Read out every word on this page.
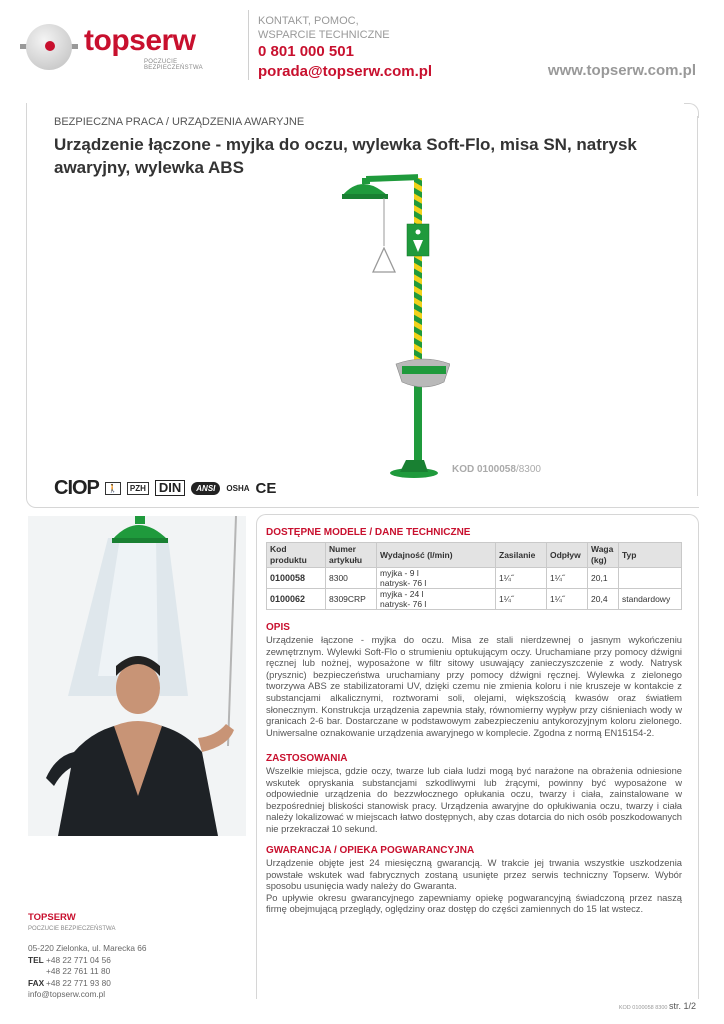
topserw
POCZUCIE BEZPIECZEŃSTWA
KONTAKT, POMOC,
WSPARCIE TECHNICZNE
0 801 000 501
porada@topserw.com.pl	www.topserw.com.pl
BEZPIECZNA PRACA / URZĄDZENIA AWARYJNE
Urządzenie łączone - myjka do oczu, wylewka Soft-Flo, misa SN, natrysk awaryjny, wylewka ABS
KOD 0100058/8300
CIOP	🚶	PZH	DIN	ANSI	OSHA CE
DOSTĘPNE MODELE / DANE TECHNICZNE
Kod produktu	Numer artykułu	Wydajność (l/min)	Zasilanie	Odpływ	Waga (kg)	Typ
0100058	8300	myjka - 9 l
natrysk- 76 l	1¼˝	1¼˝	20,1	
0100062	8309CRP	myjka - 24 l
natrysk- 76 l	1¼˝	1¼˝	20,4	standardowy
OPIS
Urządzenie łączone - myjka do oczu. Misa ze stali nierdzewnej o jasnym wykończeniu zewnętrznym. Wylewki Soft-Flo o strumieniu optukującym oczy. Uruchamiane przy pomocy dźwigni ręcznej lub nożnej, wyposażone w filtr sitowy usuwający zanieczyszczenie z wody. Natrysk (prysznic) bezpieczeństwa uruchamiany przy pomocy dźwigni ręcznej. Wylewka z zielonego tworzywa ABS ze stabilizatorami UV, dzięki czemu nie zmienia koloru i nie kruszeje w kontakcie z substancjami alkalicznymi, roztworami soli, olejami, większością kwasów oraz światłem słonecznym. Konstrukcja urządzenia zapewnia stały, równomierny wypływ przy ciśnieniach wody w granicach 2-6 bar. Dostarczane w podstawowym zabezpieczeniu antykorozyjnym koloru zielonego. Uniwersalne oznakowanie urządzenia awaryjnego w komplecie. Zgodna z normą EN15154-2.
ZASTOSOWANIA
Wszelkie miejsca, gdzie oczy, twarze lub ciała ludzi mogą być narażone na obrażenia odniesione wskutek opryskania substancjami szkodliwymi lub żrącymi, powinny być wyposażone w odpowiednie urządzenia do bezzwłocznego opłukania oczu, twarzy i ciała, zainstalowane w bezpośredniej bliskości stanowisk pracy. Urządzenia awaryjne do opłukiwania oczu, twarzy i ciała należy lokalizować w miejscach łatwo dostępnych, aby czas dotarcia do nich osób poszkodowanych nie przekraczał 10 sekund.
GWARANCJA / OPIEKA POGWARANCYJNA
Urządzenie objęte jest 24 miesięczną gwarancją. W trakcie jej trwania wszystkie uszkodzenia powstałe wskutek wad fabrycznych zostaną usunięte przez serwis techniczny Topserw. Wybór sposobu usunięcia wady należy do Gwaranta.
Po upływie okresu gwarancyjnego zapewniamy opiekę pogwarancyjną świadczoną przez naszą firmę obejmującą przeglądy, oględziny oraz dostęp do części zamiennych do 15 lat wstecz.
TOPSERW
POCZUCIE BEZPIECZEŃSTWA
05-220 Zielonka, ul. Marecka 66
TEL +48 22 771 04 56
+48 22 761 11 80
FAX +48 22 771 93 80
info@topserw.com.pl
KOD 0100058 8300 str. 1/2
